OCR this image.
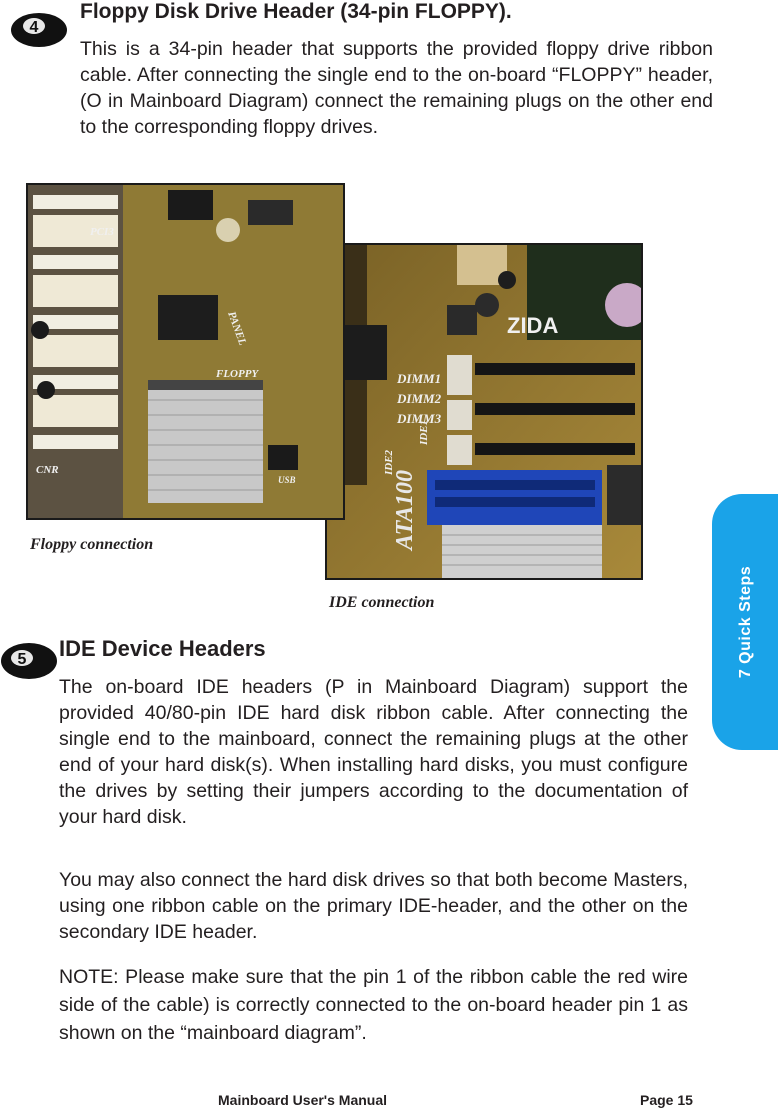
4
Floppy Disk Drive Header (34-pin FLOPPY).

This is a 34-pin header that supports the provided floppy drive ribbon cable. After connecting the single end to the on-board “FLOPPY” header, (O in Mainboard Diagram) connect the remaining plugs on the other end to the corresponding floppy drives.

ZIDA
DIMM1
DIMM2
DIMM3
IDE2
IDE1
ATA100
PCI3
PANEL
FLOPPY
CNR
USB
Floppy connection
IDE connection
5 IDE Device Headers

The on-board IDE headers (P in Mainboard Diagram) support the provided 40/80-pin IDE hard disk ribbon cable. After connecting the single end to the mainboard, connect the remaining plugs at the other end of your hard disk(s). When installing hard disks, you must configure the drives by setting their jumpers according to the documentation of your hard disk.

You may also connect the hard disk drives so that both become Masters, using one ribbon cable on the primary IDE-header, and the other on the secondary IDE header.

NOTE: Please make sure that the pin 1 of the ribbon cable the red wire side of the cable) is correctly connected to the on-board header pin 1 as shown on the “mainboard diagram”.

7 Quick Steps
Mainboard User's Manual	Page 15
